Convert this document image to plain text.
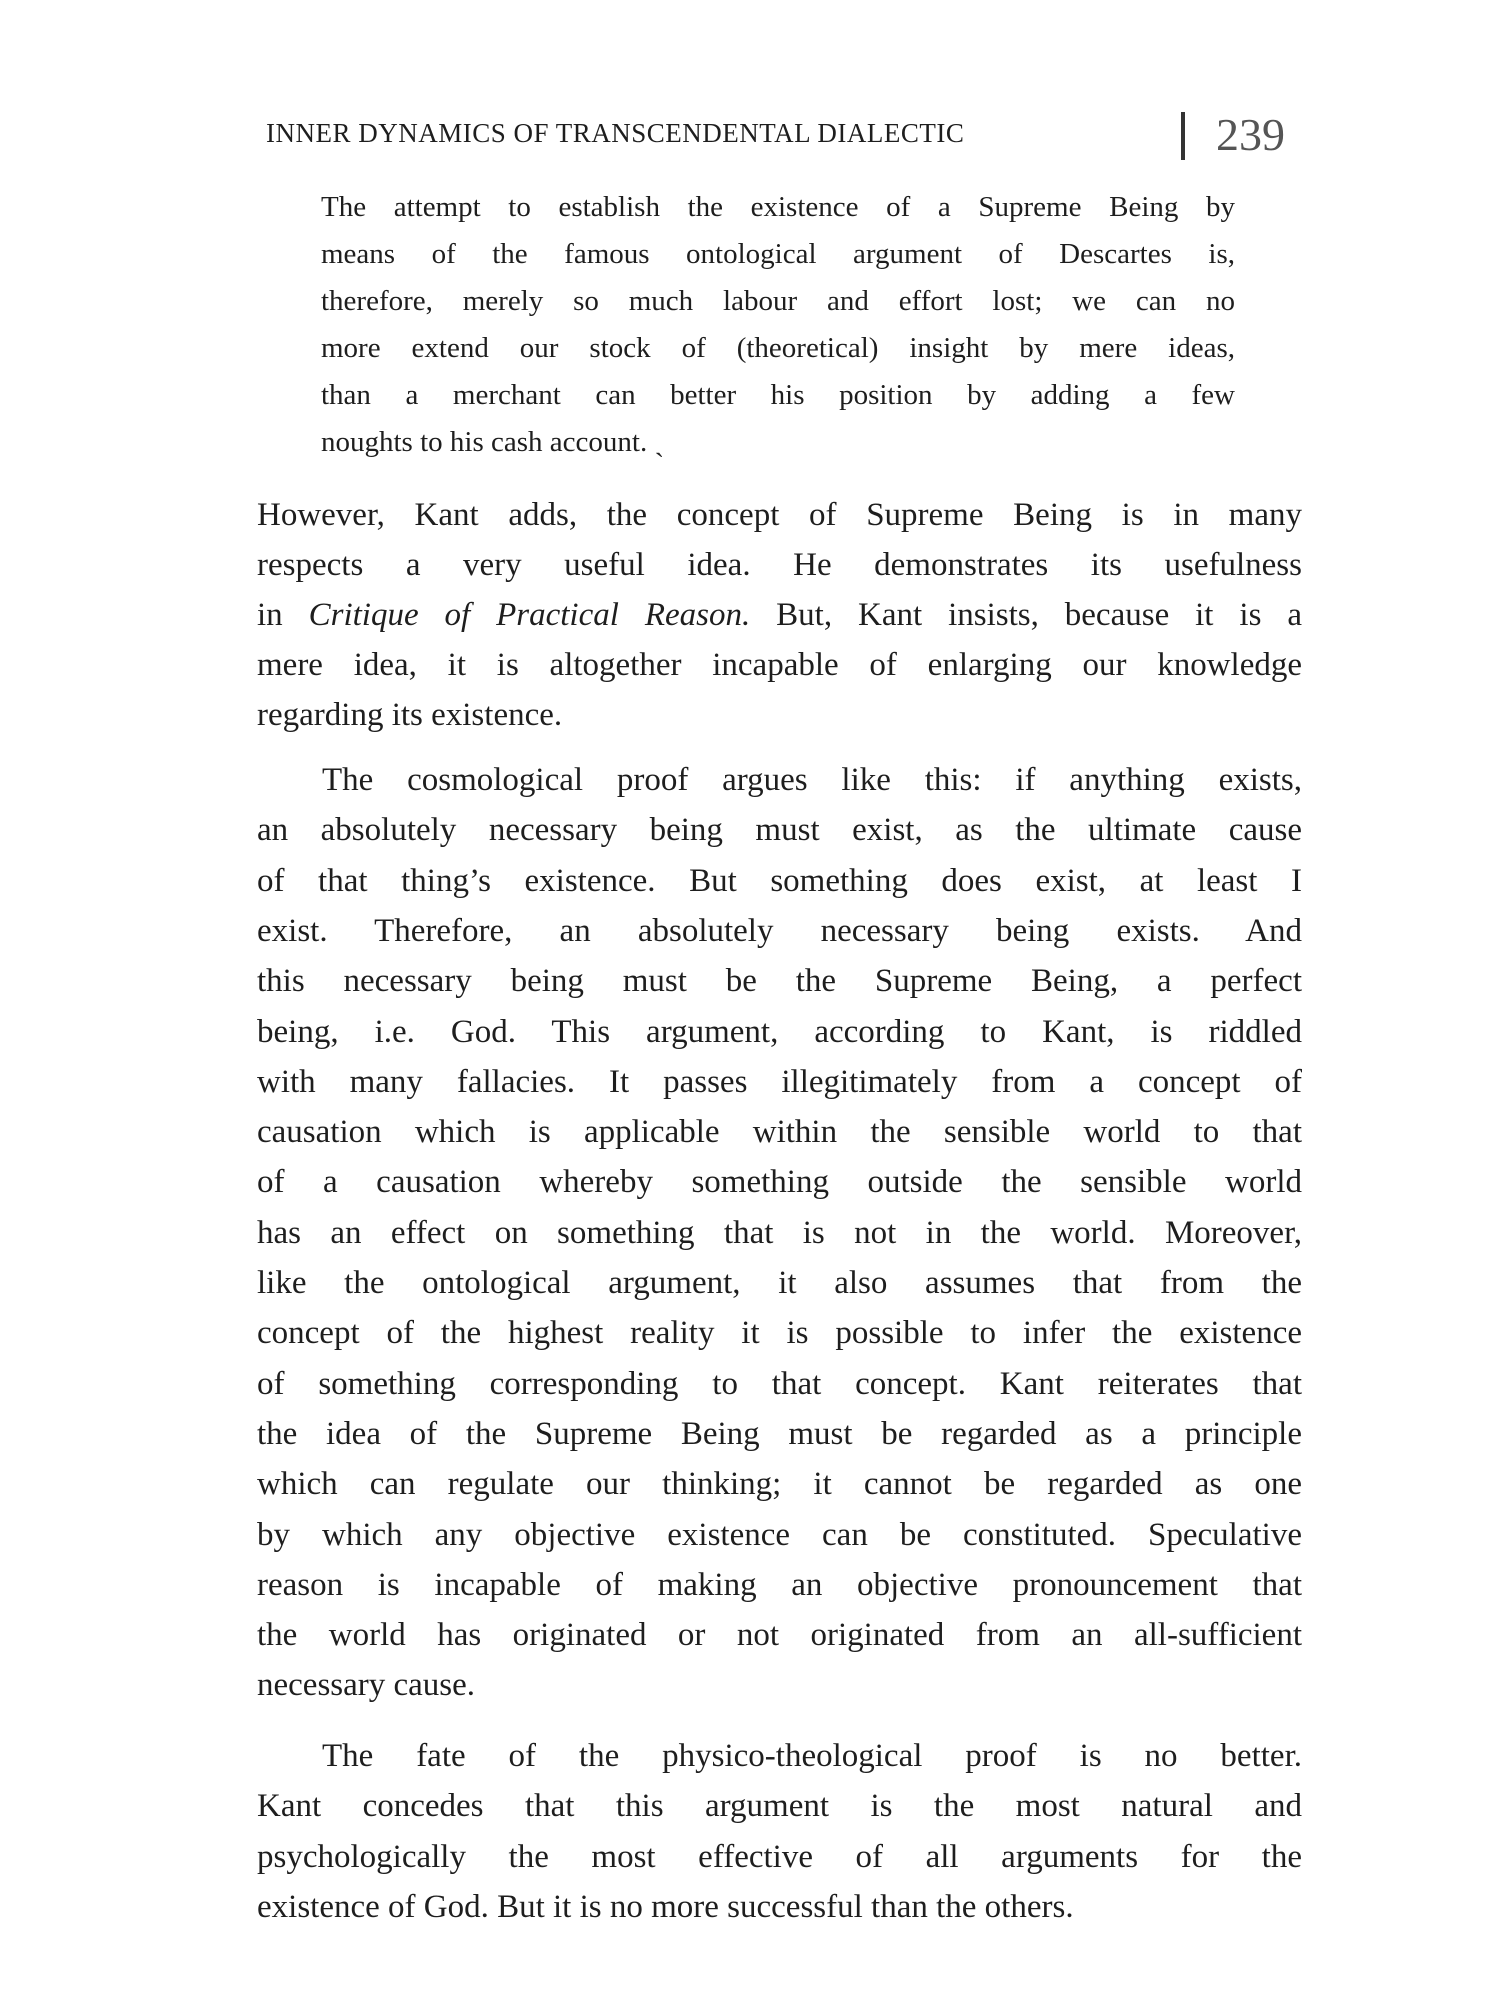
INNER DYNAMICS OF TRANSCENDENTAL DIALECTIC	239
The attempt to establish the existence of a Supreme Being by
means of the famous ontological argument of Descartes is,
therefore, merely so much labour and effort lost; we can no
more extend our stock of (theoretical) insight by mere ideas,
than a merchant can better his position by adding a few
noughts to his cash account. ˎ
However, Kant adds, the concept of Supreme Being is in many
respects a very useful idea. He demonstrates its usefulness
in Critique of Practical Reason. But, Kant insists, because it is a
mere idea, it is altogether incapable of enlarging our knowledge
regarding its existence.
The cosmological proof argues like this: if anything exists,
an absolutely necessary being must exist, as the ultimate cause
of that thing’s existence. But something does exist, at least I
exist. Therefore, an absolutely necessary being exists. And
this necessary being must be the Supreme Being, a perfect
being, i.e. God. This argument, according to Kant, is riddled
with many fallacies. It passes illegitimately from a concept of
causation which is applicable within the sensible world to that
of a causation whereby something outside the sensible world
has an effect on something that is not in the world. Moreover,
like the ontological argument, it also assumes that from the
concept of the highest reality it is possible to infer the existence
of something corresponding to that concept. Kant reiterates that
the idea of the Supreme Being must be regarded as a principle
which can regulate our thinking; it cannot be regarded as one
by which any objective existence can be constituted. Speculative
reason is incapable of making an objective pronouncement that
the world has originated or not originated from an all-sufficient
necessary cause.
The fate of the physico-theological proof is no better.
Kant concedes that this argument is the most natural and
psychologically the most effective of all arguments for the
existence of God. But it is no more successful than the others.
